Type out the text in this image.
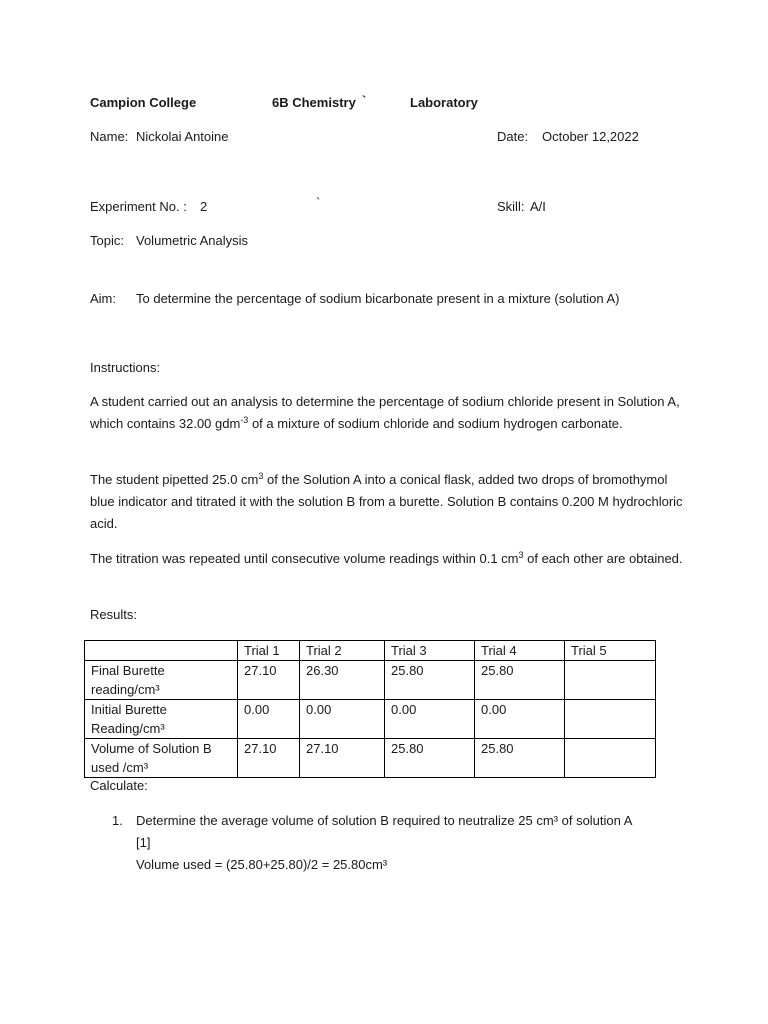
Campion College	6B Chemistry `	Laboratory
Name: Nickolai Antoine	Date: October 12,2022
Experiment No. : 2	`	Skill: A/I
Topic: Volumetric Analysis
Aim: To determine the percentage of sodium bicarbonate present in a mixture (solution A)
Instructions:
A student carried out an analysis to determine the percentage of sodium chloride present in Solution A, which contains 32.00 gdm$^{-3}$ of a mixture of sodium chloride and sodium hydrogen carbonate.
The student pipetted 25.0 $cm^3$ of the Solution A into a conical flask, added two drops of bromothymol blue indicator and titrated it with the solution B from a burette. Solution B contains 0.200 M hydrochloric acid.
The titration was repeated until consecutive volume readings within 0.1 $cm^3$ of each other are obtained.
Results:
	Trial 1	Trial 2	Trial 3	Trial 4	Trial 5

Final Burette
reading/cm³	27.10	26.30	25.80	25.80	

Initial Burette
Reading/cm³	0.00	0.00	0.00	0.00	

Volume of Solution B
used /cm³	27.10	27.10	25.80	25.80	
Calculate:
1. Determine the average volume of solution B required to neutralize 25 cm³ of solution A
[1]
Volume used = (25.80+25.80)/2 = 25.80cm³
